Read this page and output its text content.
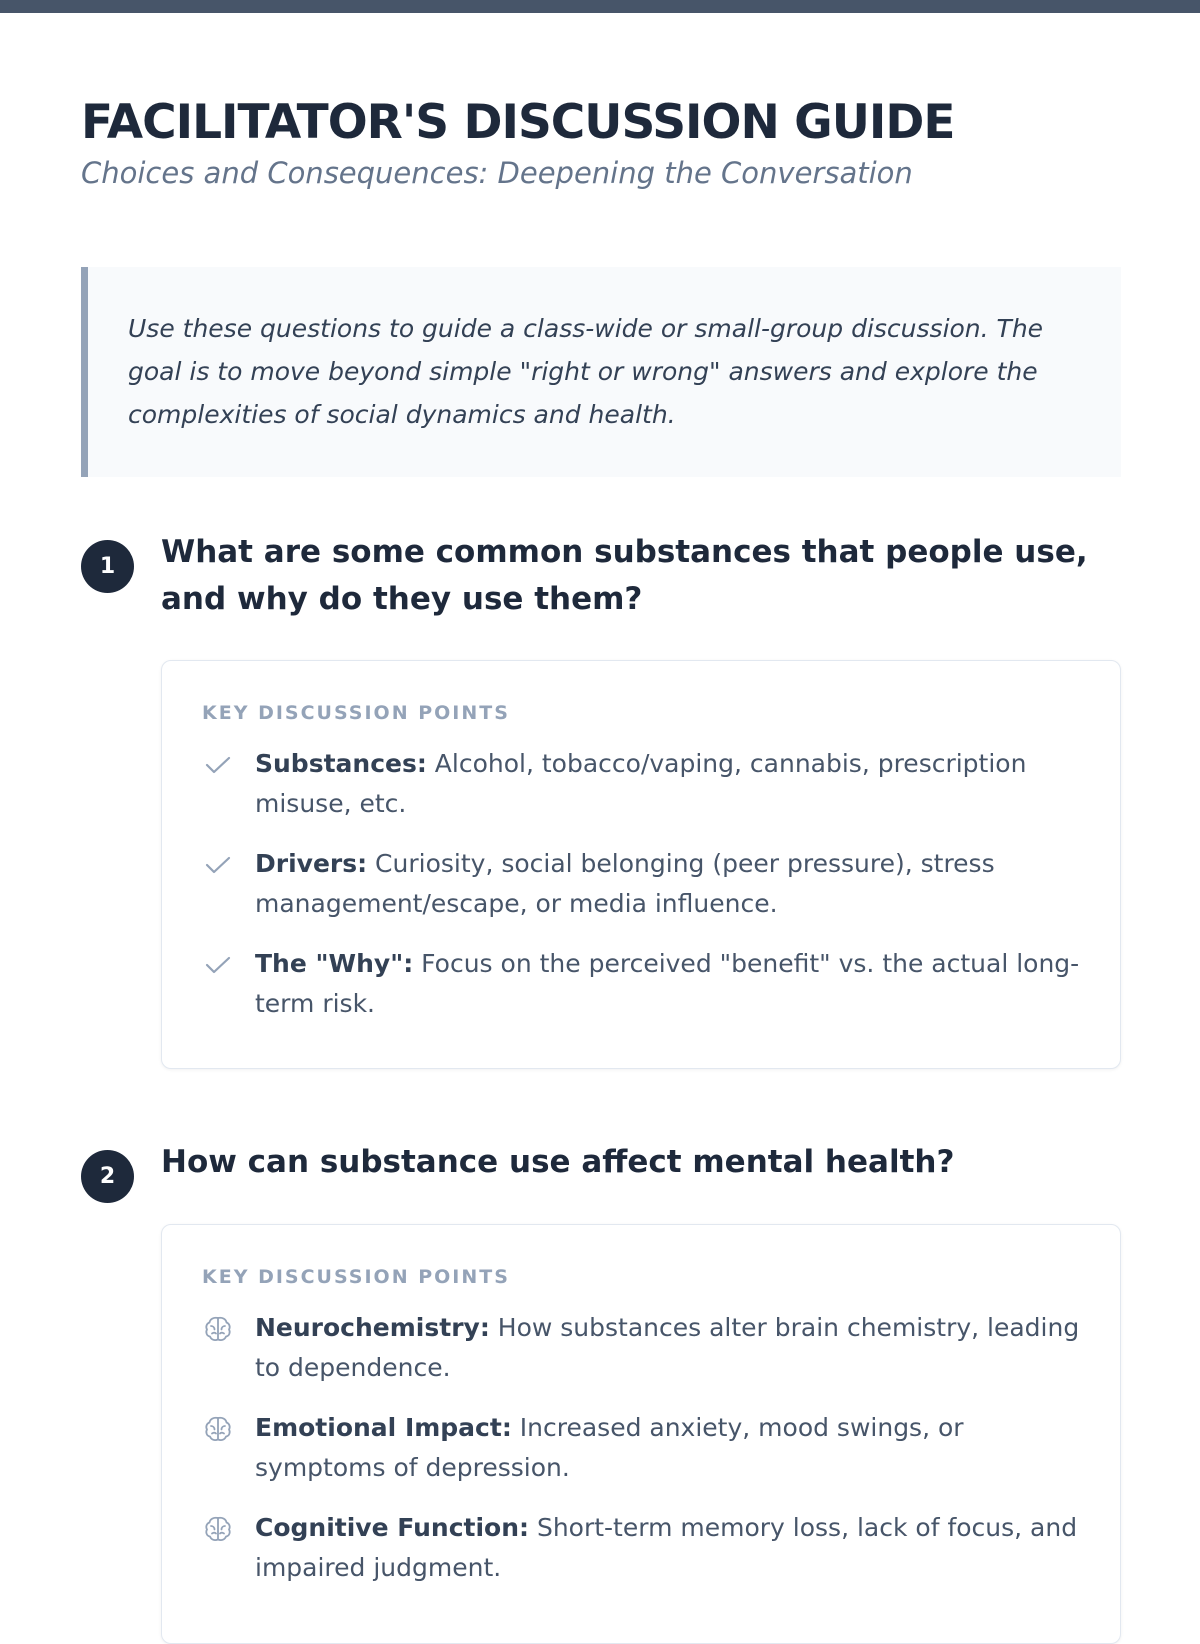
FACILITATOR'S DISCUSSION GUIDE
Choices and Consequences: Deepening the Conversation

Use these questions to guide a class-wide or small-group discussion. The goal is to move beyond simple "right or wrong" answers and explore the complexities of social dynamics and health.

1	What are some common substances that people use, and why do they use them?
KEY DISCUSSION POINTS
Substances: Alcohol, tobacco/vaping, cannabis, prescription misuse, etc.
Drivers: Curiosity, social belonging (peer pressure), stress management/escape, or media influence.
The "Why": Focus on the perceived "benefit" vs. the actual long-term risk.
2	How can substance use affect mental health?
KEY DISCUSSION POINTS
Neurochemistry: How substances alter brain chemistry, leading to dependence.
Emotional Impact: Increased anxiety, mood swings, or symptoms of depression.
Cognitive Function: Short-term memory loss, lack of focus, and impaired judgment.
